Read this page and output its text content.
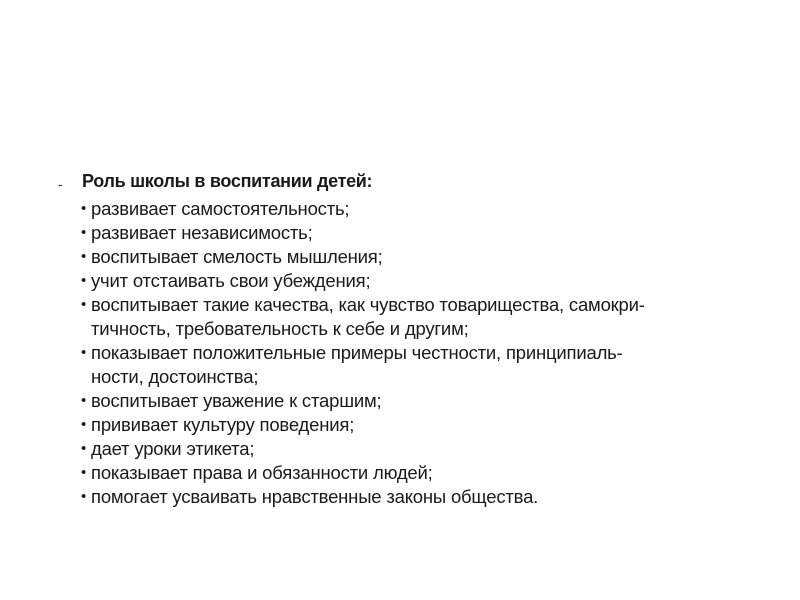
- Роль школы в воспитании детей:
• развивает самостоятельность;
• развивает независимость;
• воспитывает смелость мышления;
• учит отстаивать свои убеждения;
• воспитывает такие качества, как чувство товарищества, самокри-
тичность, требовательность к себе и другим;
• показывает положительные примеры честности, принципиаль-
ности, достоинства;
• воспитывает уважение к старшим;
• прививает культуру поведения;
• дает уроки этикета;
• показывает права и обязанности людей;
• помогает усваивать нравственные законы общества.
